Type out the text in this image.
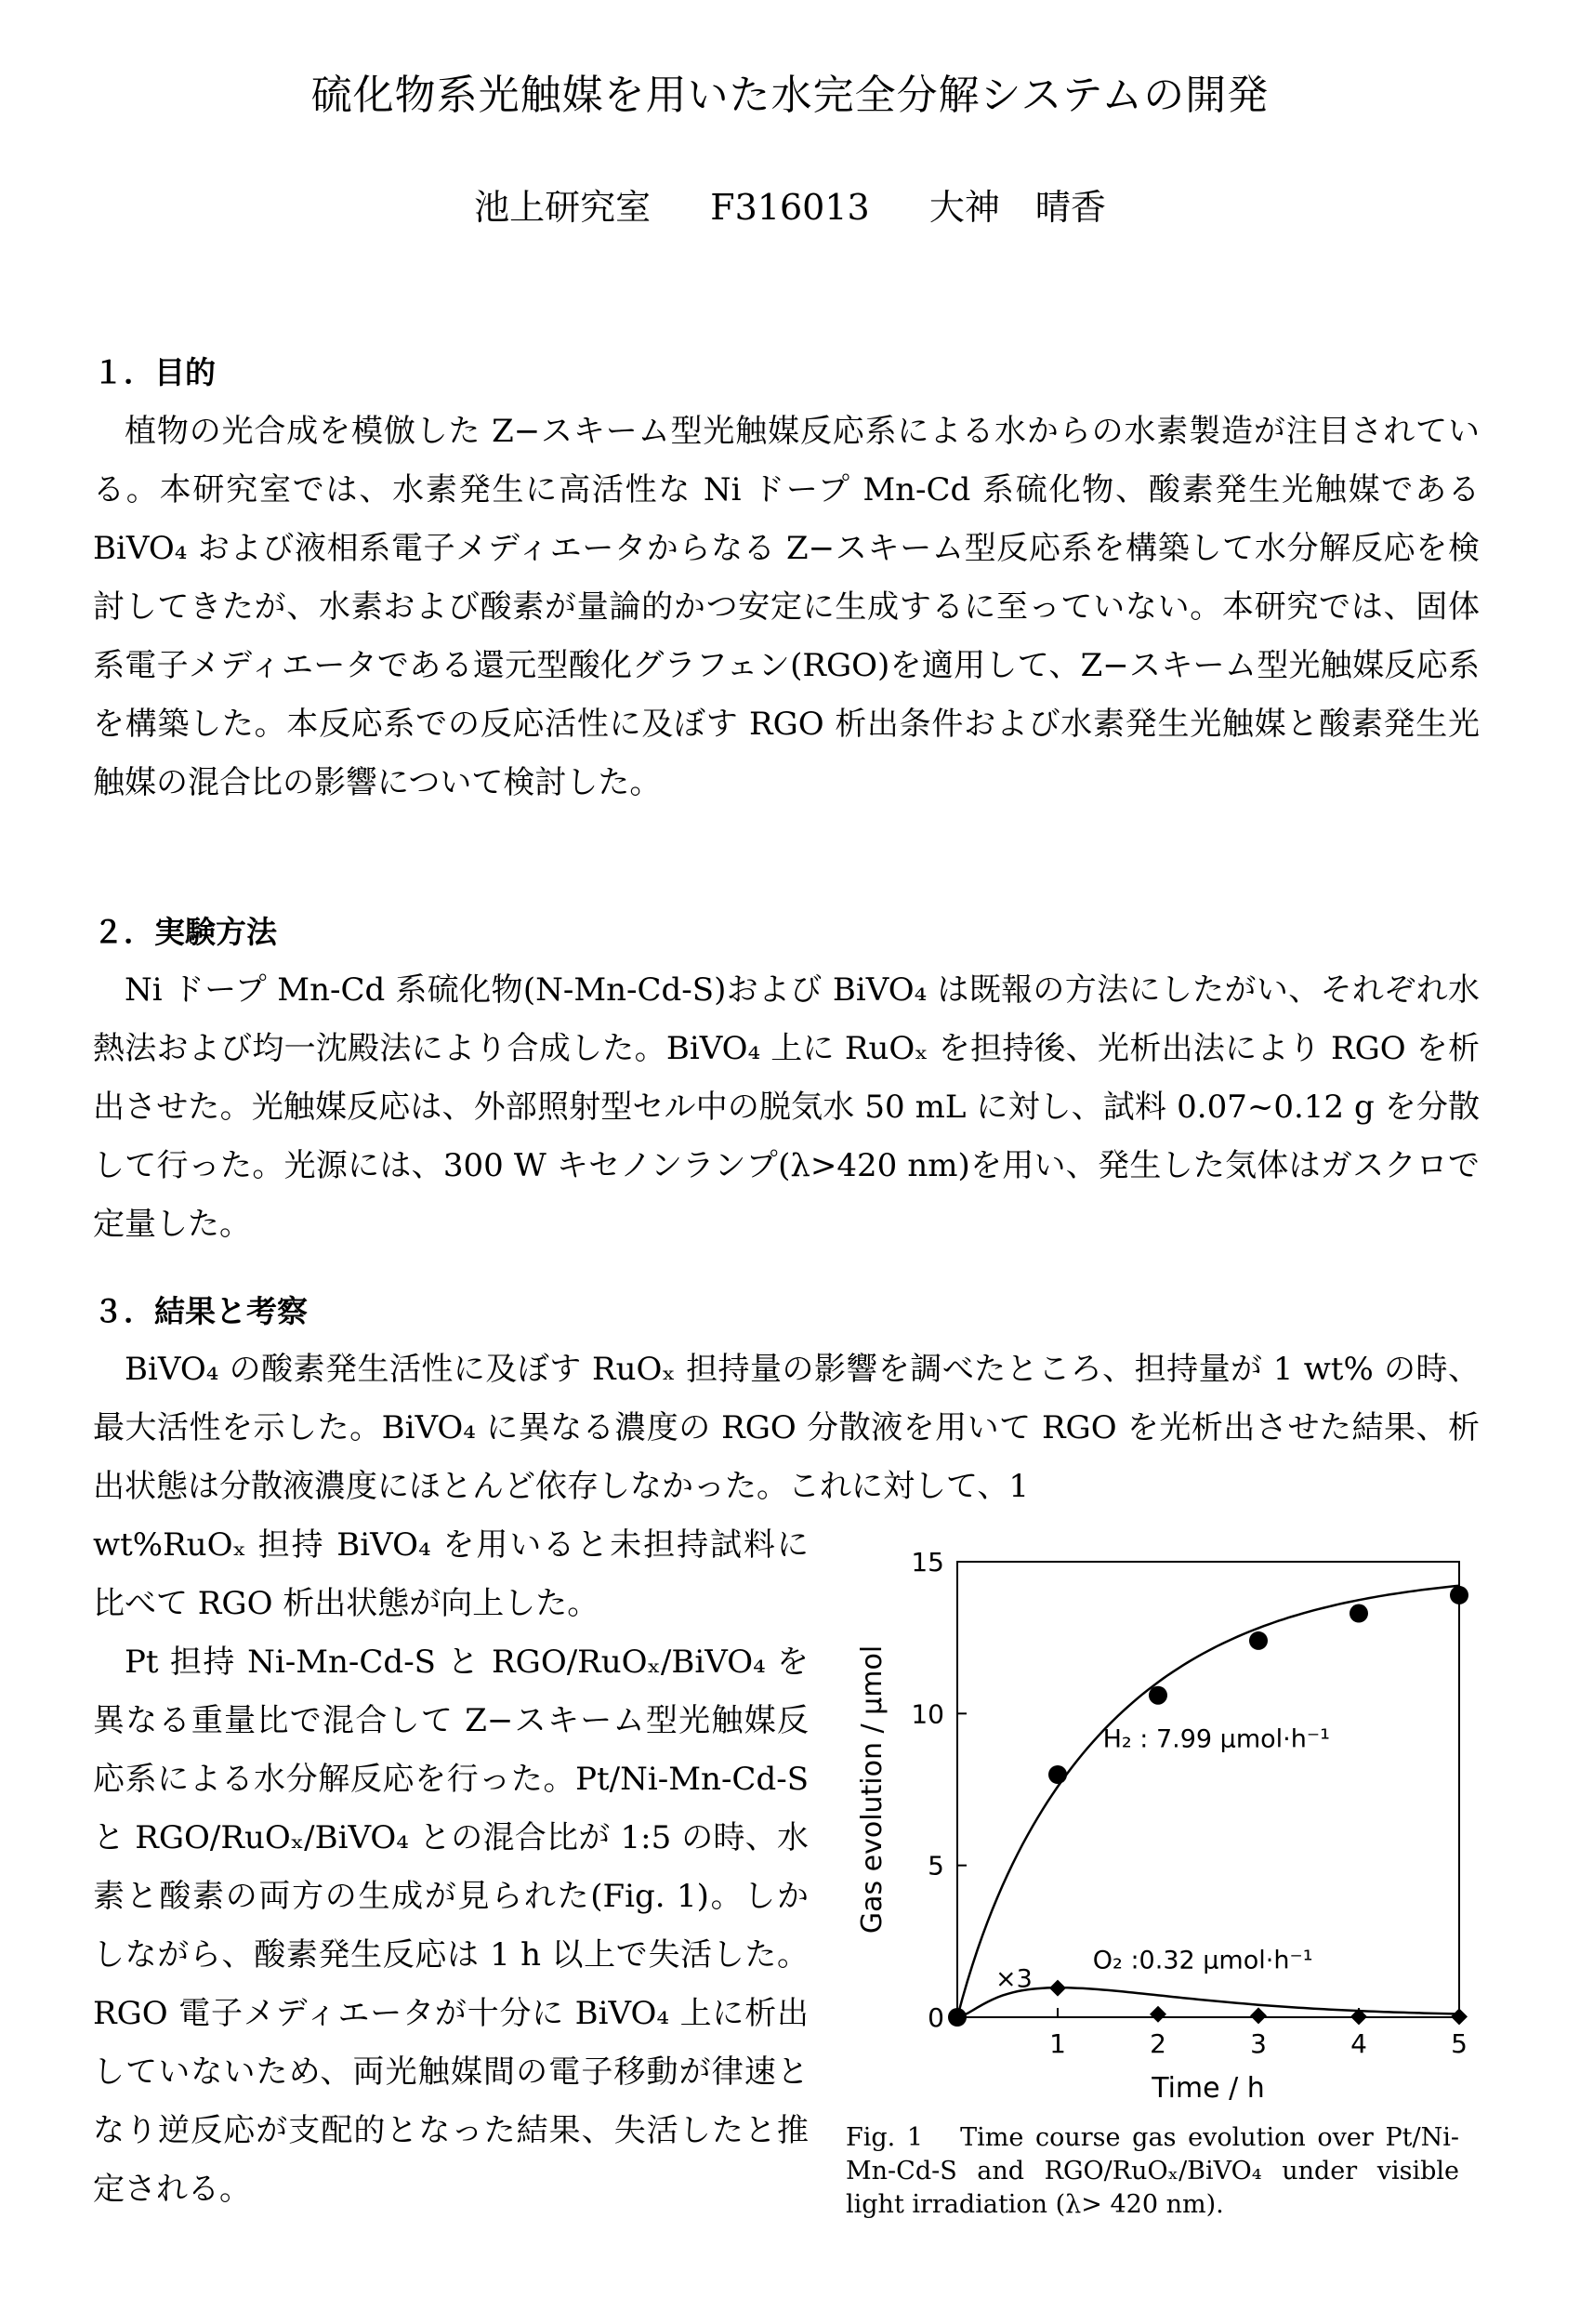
硫化物系光触媒を用いた水完全分解システムの開発

池上研究室 F316013 大神　晴香

１．目的

植物の光合成を模倣した Z−スキーム型光触媒反応系による水からの水素製造が注目されている。本研究室では、水素発生に高活性な Ni ドープ Mn-Cd 系硫化物、酸素発生光触媒である BiVO₄ および液相系電子メディエータからなる Z−スキーム型反応系を構築して水分解反応を検討してきたが、水素および酸素が量論的かつ安定に生成するに至っていない。本研究では、固体系電子メディエータである還元型酸化グラフェン(RGO)を適用して、Z−スキーム型光触媒反応系を構築した。本反応系での反応活性に及ぼす RGO 析出条件および水素発生光触媒と酸素発生光触媒の混合比の影響について検討した。

２．実験方法

Ni ドープ Mn-Cd 系硫化物(N-Mn-Cd-S)および BiVO₄ は既報の方法にしたがい、それぞれ水熱法および均一沈殿法により合成した。BiVO₄ 上に RuOₓ を担持後、光析出法により RGO を析出させた。光触媒反応は、外部照射型セル中の脱気水 50 mL に対し、試料 0.07~0.12 g を分散して行った。光源には、300 W キセノンランプ(λ>420 nm)を用い、発生した気体はガスクロで定量した。

３．結果と考察

BiVO₄ の酸素発生活性に及ぼす RuOₓ 担持量の影響を調べたところ、担持量が 1 wt% の時、最大活性を示した。BiVO₄ に異なる濃度の RGO 分散液を用いて RGO を光析出させた結果、析出状態は分散液濃度にほとんど依存しなかった。これに対して、1

wt%RuOₓ 担持 BiVO₄ を用いると未担持試料に比べて RGO 析出状態が向上した。

Pt 担持 Ni-Mn-Cd-S と RGO/RuOₓ/BiVO₄ を異なる重量比で混合して Z−スキーム型光触媒反応系による水分解反応を行った。Pt/Ni-Mn-Cd-S と RGO/RuOₓ/BiVO₄ との混合比が 1:5 の時、水素と酸素の両方の生成が見られた(Fig. 1)。しかしながら、酸素発生反応は 1 h 以上で失活した。RGO 電子メディエータが十分に BiVO₄ 上に析出していないため、両光触媒間の電子移動が律速となり逆反応が支配的となった結果、失活したと推定される。

1	2	3	4	5
0
5
10
15
Time / h
Gas evolution / µmol	H₂ : 7.99 µmol·h⁻¹
O₂ :0.32 µmol·h⁻¹
×3

Fig. 1 Time course gas evolution over Pt/Ni-Mn-Cd-S and RGO/RuOₓ/BiVO₄ under visible light irradiation (λ> 420 nm).
